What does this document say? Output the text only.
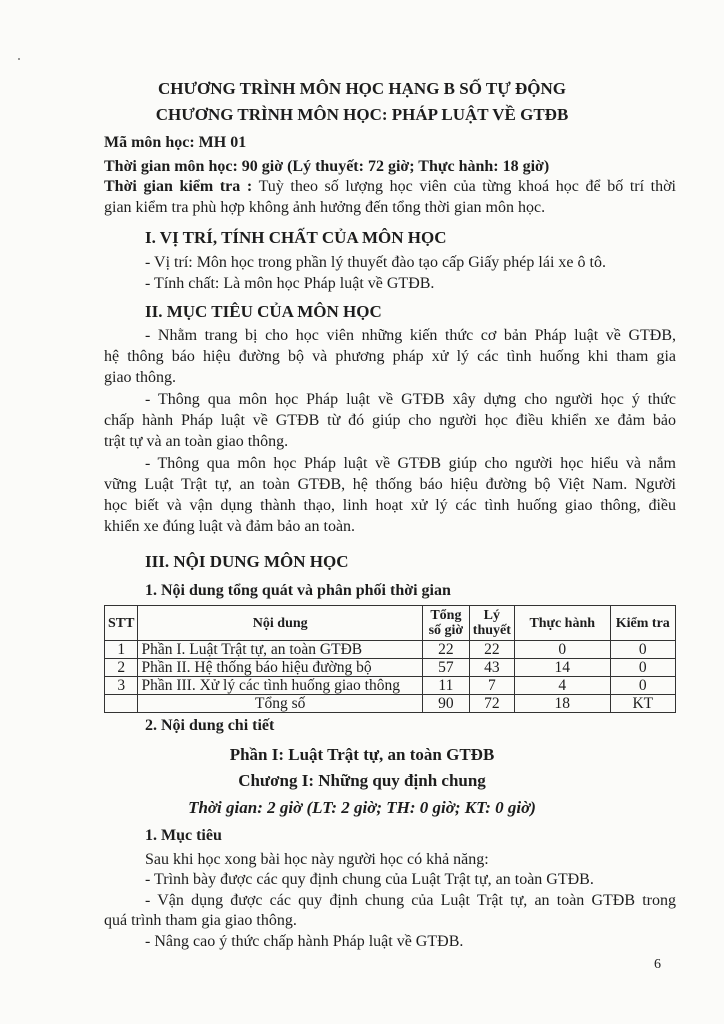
CHƯƠNG TRÌNH MÔN HỌC HẠNG B SỐ TỰ ĐỘNG
CHƯƠNG TRÌNH MÔN HỌC: PHÁP LUẬT VỀ GTĐB
Mã môn học: MH 01
Thời gian môn học: 90 giờ (Lý thuyết: 72 giờ; Thực hành: 18 giờ)
Thời gian kiểm tra : Tuỳ theo số lượng học viên của từng khoá học để bố trí thời
gian kiểm tra phù hợp không ảnh hưởng đến tổng thời gian môn học.
I. VỊ TRÍ, TÍNH CHẤT CỦA MÔN HỌC
- Vị trí: Môn học trong phần lý thuyết đào tạo cấp Giấy phép lái xe ô tô.
- Tính chất: Là môn học Pháp luật về GTĐB.
II. MỤC TIÊU CỦA MÔN HỌC
- Nhằm trang bị cho học viên những kiến thức cơ bản Pháp luật về GTĐB,
hệ thông báo hiệu đường bộ và phương pháp xử lý các tình huống khi tham gia
giao thông.
- Thông qua môn học Pháp luật về GTĐB xây dựng cho người học ý thức
chấp hành Pháp luật về GTĐB từ đó giúp cho người học điều khiển xe đảm bảo
trật tự và an toàn giao thông.
- Thông qua môn học Pháp luật về GTĐB giúp cho người học hiểu và nắm
vững Luật Trật tự, an toàn GTĐB, hệ thống báo hiệu đường bộ Việt Nam. Người
học biết và vận dụng thành thạo, linh hoạt xử lý các tình huống giao thông, điều
khiển xe đúng luật và đảm bảo an toàn.
III. NỘI DUNG MÔN HỌC
1. Nội dung tổng quát và phân phối thời gian
STT	Nội dung	Tổng số giờ	Lý thuyết	Thực hành	Kiểm tra
1	Phần I. Luật Trật tự, an toàn GTĐB	22	22	0	0
2	Phần II. Hệ thống báo hiệu đường bộ	57	43	14	0
3	Phần III. Xử lý các tình huống giao thông	11	7	4	0
	Tổng số	90	72	18	KT
2. Nội dung chi tiết
Phần I: Luật Trật tự, an toàn GTĐB
Chương I: Những quy định chung
Thời gian: 2 giờ (LT: 2 giờ; TH: 0 giờ; KT: 0 giờ)
1. Mục tiêu
Sau khi học xong bài học này người học có khả năng:
- Trình bày được các quy định chung của Luật Trật tự, an toàn GTĐB.
- Vận dụng được các quy định chung của Luật Trật tự, an toàn GTĐB trong
quá trình tham gia giao thông.
- Nâng cao ý thức chấp hành Pháp luật về GTĐB.
6
